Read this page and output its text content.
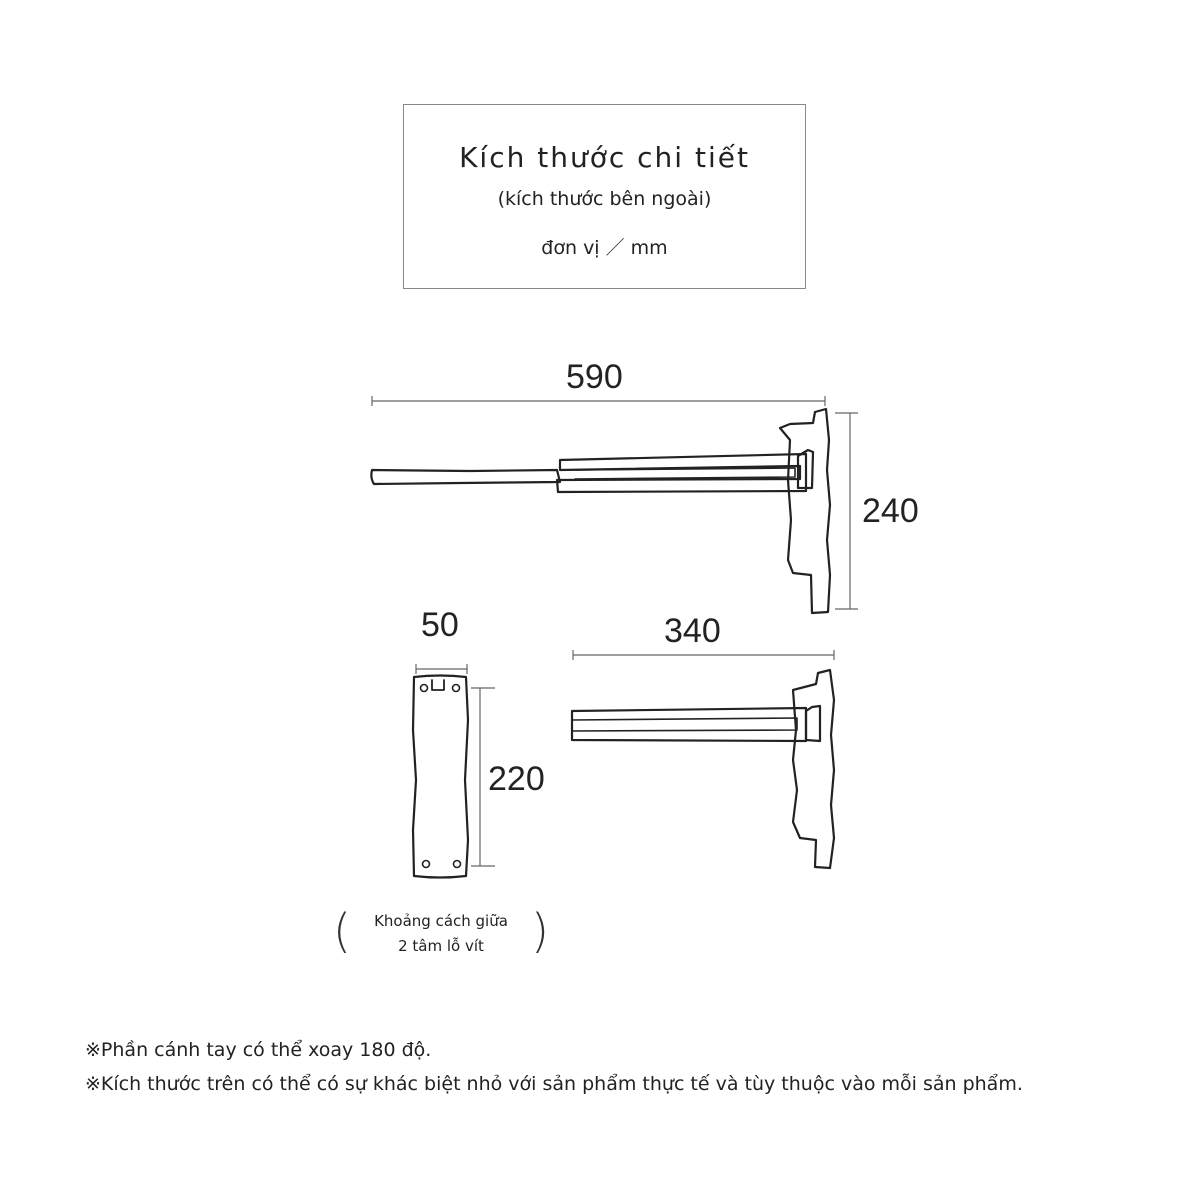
Kích thước chi tiết
(kích thước bên ngoài)
đơn vị ／ mm
590
240
50
220
340
(	Khoảng cách giữa
2 tâm lỗ vít	)
※Phần cánh tay có thể xoay 180 độ.
※Kích thước trên có thể có sự khác biệt nhỏ với sản phẩm thực tế và tùy thuộc vào mỗi sản phẩm.
